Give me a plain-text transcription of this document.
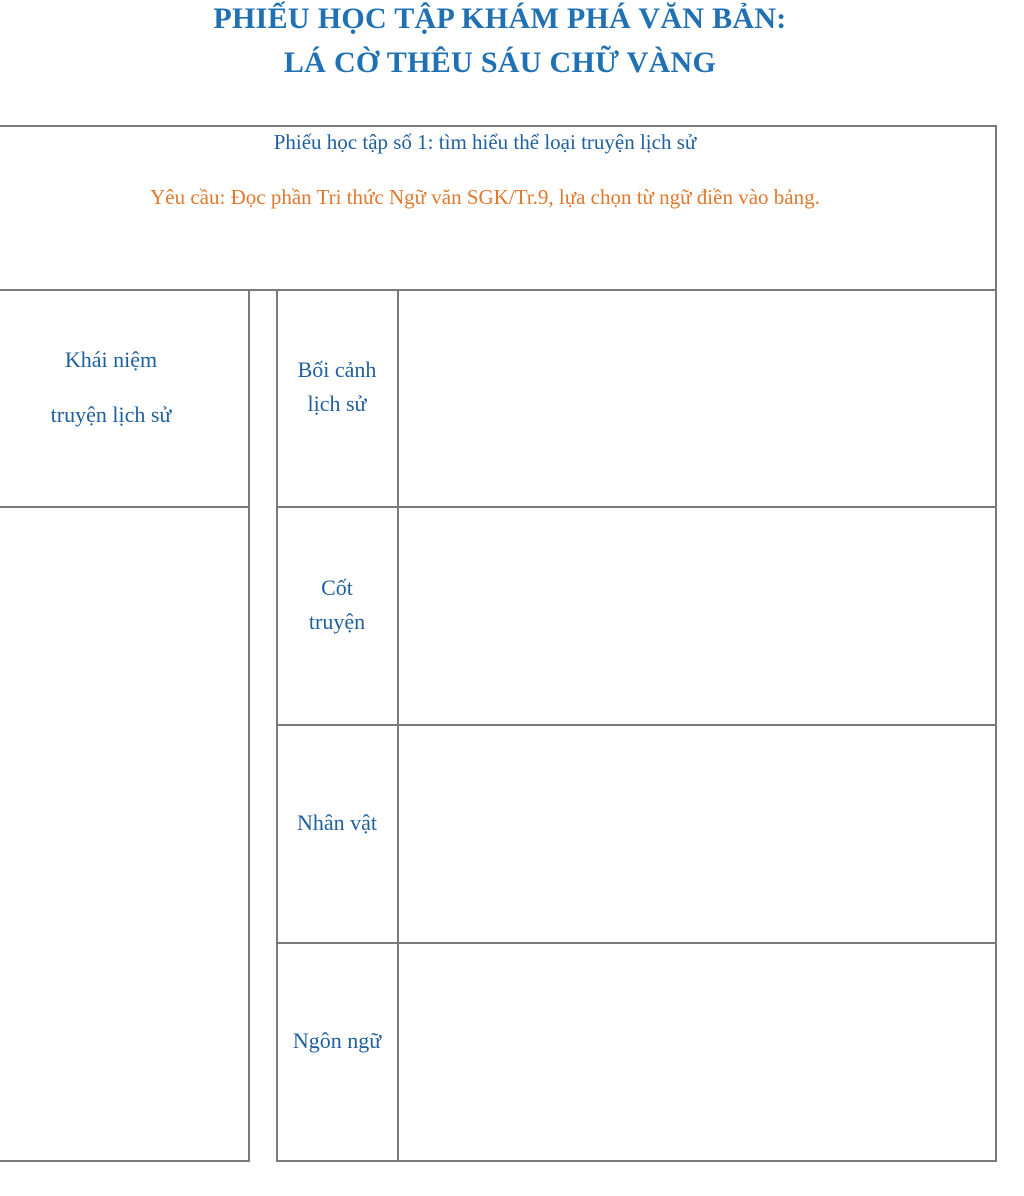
PHIẾU HỌC TẬP KHÁM PHÁ VĂN BẢN:
LÁ CỜ THÊU SÁU CHỮ VÀNG
Phiếu học tập số 1: tìm hiểu thể loại truyện lịch sử
Yêu cầu: Đọc phần Tri thức Ngữ văn SGK/Tr.9, lựa chọn từ ngữ điền vào bảng.
Khái niệm
truyện lịch sử
Bối cảnh
lịch sử
Cốt
truyện
Nhân vật
Ngôn ngữ
